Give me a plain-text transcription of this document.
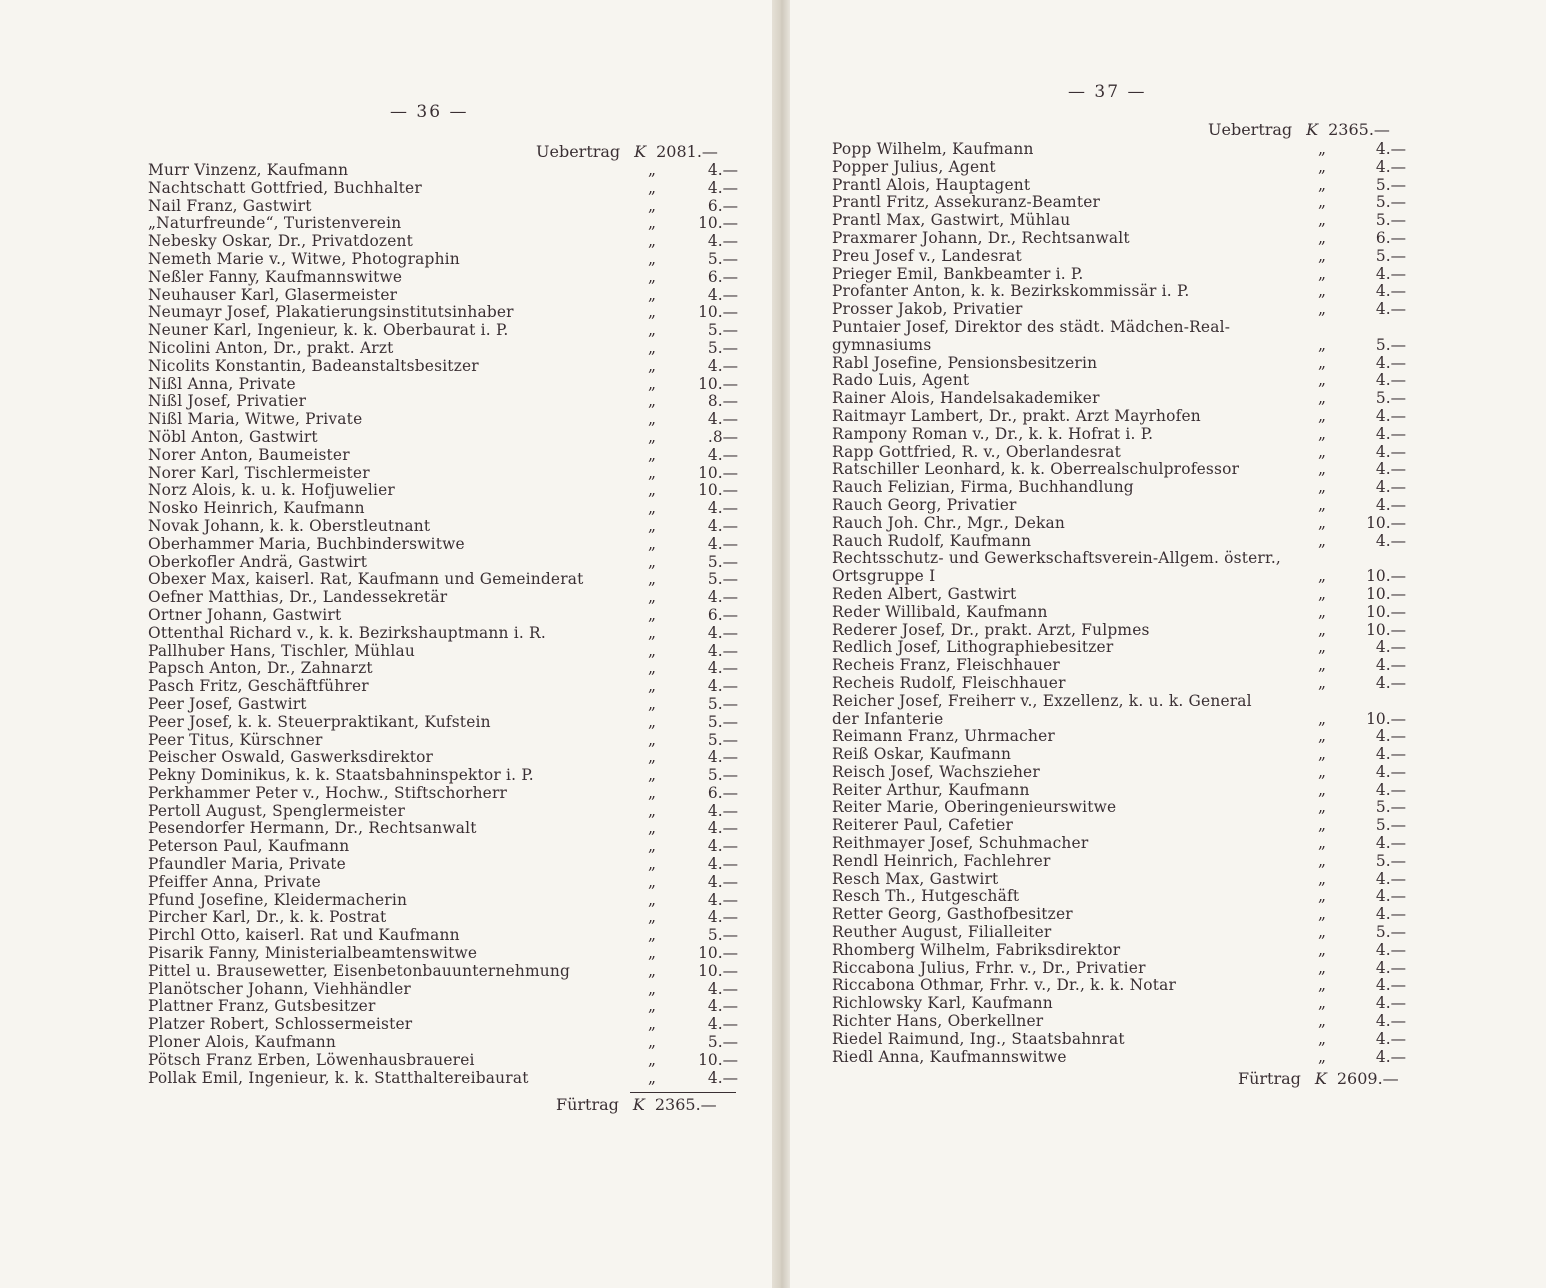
— 36 —
Uebertrag K 2081.—
Murr Vinzenz, Kaufmann	„	4.—
Nachtschatt Gottfried, Buchhalter	„	4.—
Nail Franz, Gastwirt	„	6.—
„Naturfreunde“, Turistenverein	„	10.—
Nebesky Oskar, Dr., Privatdozent	„	4.—
Nemeth Marie v., Witwe, Photographin	„	5.—
Neßler Fanny, Kaufmannswitwe	„	6.—
Neuhauser Karl, Glasermeister	„	4.—
Neumayr Josef, Plakatierungsinstitutsinhaber	„	10.—
Neuner Karl, Ingenieur, k. k. Oberbaurat i. P.	„	5.—
Nicolini Anton, Dr., prakt. Arzt	„	5.—
Nicolits Konstantin, Badeanstaltsbesitzer	„	4.—
Nißl Anna, Private	„	10.—
Nißl Josef, Privatier	„	8.—
Nißl Maria, Witwe, Private	„	4.—
Nöbl Anton, Gastwirt	„	.8—
Norer Anton, Baumeister	„	4.—
Norer Karl, Tischlermeister	„	10.—
Norz Alois, k. u. k. Hofjuwelier	„	10.—
Nosko Heinrich, Kaufmann	„	4.—
Novak Johann, k. k. Oberstleutnant	„	4.—
Oberhammer Maria, Buchbinderswitwe	„	4.—
Oberkofler Andrä, Gastwirt	„	5.—
Obexer Max, kaiserl. Rat, Kaufmann und Gemeinderat	„	5.—
Oefner Matthias, Dr., Landessekretär	„	4.—
Ortner Johann, Gastwirt	„	6.—
Ottenthal Richard v., k. k. Bezirkshauptmann i. R.	„	4.—
Pallhuber Hans, Tischler, Mühlau	„	4.—
Papsch Anton, Dr., Zahnarzt	„	4.—
Pasch Fritz, Geschäftführer	„	4.—
Peer Josef, Gastwirt	„	5.—
Peer Josef, k. k. Steuerpraktikant, Kufstein	„	5.—
Peer Titus, Kürschner	„	5.—
Peischer Oswald, Gaswerksdirektor	„	4.—
Pekny Dominikus, k. k. Staatsbahninspektor i. P.	„	5.—
Perkhammer Peter v., Hochw., Stiftschorherr	„	6.—
Pertoll August, Spenglermeister	„	4.—
Pesendorfer Hermann, Dr., Rechtsanwalt	„	4.—
Peterson Paul, Kaufmann	„	4.—
Pfaundler Maria, Private	„	4.—
Pfeiffer Anna, Private	„	4.—
Pfund Josefine, Kleidermacherin	„	4.—
Pircher Karl, Dr., k. k. Postrat	„	4.—
Pirchl Otto, kaiserl. Rat und Kaufmann	„	5.—
Pisarik Fanny, Ministerialbeamtenswitwe	„	10.—
Pittel u. Brausewetter, Eisenbetonbauunternehmung	„	10.—
Planötscher Johann, Viehhändler	„	4.—
Plattner Franz, Gutsbesitzer	„	4.—
Platzer Robert, Schlossermeister	„	4.—
Ploner Alois, Kaufmann	„	5.—
Pötsch Franz Erben, Löwenhausbrauerei	„	10.—
Pollak Emil, Ingenieur, k. k. Statthaltereibaurat	„	4.—
Fürtrag K 2365.—
— 37 —
Uebertrag K 2365.—
Popp Wilhelm, Kaufmann	„	4.—
Popper Julius, Agent	„	4.—
Prantl Alois, Hauptagent	„	5.—
Prantl Fritz, Assekuranz-Beamter	„	5.—
Prantl Max, Gastwirt, Mühlau	„	5.—
Praxmarer Johann, Dr., Rechtsanwalt	„	6.—
Preu Josef v., Landesrat	„	5.—
Prieger Emil, Bankbeamter i. P.	„	4.—
Profanter Anton, k. k. Bezirkskommissär i. P.	„	4.—
Prosser Jakob, Privatier	„	4.—
Puntaier Josef, Direktor des städt. Mädchen-Real-
gymnasiums	„	5.—
Rabl Josefine, Pensionsbesitzerin	„	4.—
Rado Luis, Agent	„	4.—
Rainer Alois, Handelsakademiker	„	5.—
Raitmayr Lambert, Dr., prakt. Arzt Mayrhofen	„	4.—
Rampony Roman v., Dr., k. k. Hofrat i. P.	„	4.—
Rapp Gottfried, R. v., Oberlandesrat	„	4.—
Ratschiller Leonhard, k. k. Oberrealschulprofessor	„	4.—
Rauch Felizian, Firma, Buchhandlung	„	4.—
Rauch Georg, Privatier	„	4.—
Rauch Joh. Chr., Mgr., Dekan	„	10.—
Rauch Rudolf, Kaufmann	„	4.—
Rechtsschutz- und Gewerkschaftsverein-Allgem. österr.,
Ortsgruppe I	„	10.—
Reden Albert, Gastwirt	„	10.—
Reder Willibald, Kaufmann	„	10.—
Rederer Josef, Dr., prakt. Arzt, Fulpmes	„	10.—
Redlich Josef, Lithographiebesitzer	„	4.—
Recheis Franz, Fleischhauer	„	4.—
Recheis Rudolf, Fleischhauer	„	4.—
Reicher Josef, Freiherr v., Exzellenz, k. u. k. General
der Infanterie	„	10.—
Reimann Franz, Uhrmacher	„	4.—
Reiß Oskar, Kaufmann	„	4.—
Reisch Josef, Wachszieher	„	4.—
Reiter Arthur, Kaufmann	„	4.—
Reiter Marie, Oberingenieurswitwe	„	5.—
Reiterer Paul, Cafetier	„	5.—
Reithmayer Josef, Schuhmacher	„	4.—
Rendl Heinrich, Fachlehrer	„	5.—
Resch Max, Gastwirt	„	4.—
Resch Th., Hutgeschäft	„	4.—
Retter Georg, Gasthofbesitzer	„	4.—
Reuther August, Filialleiter	„	5.—
Rhomberg Wilhelm, Fabriksdirektor	„	4.—
Riccabona Julius, Frhr. v., Dr., Privatier	„	4.—
Riccabona Othmar, Frhr. v., Dr., k. k. Notar	„	4.—
Richlowsky Karl, Kaufmann	„	4.—
Richter Hans, Oberkellner	„	4.—
Riedel Raimund, Ing., Staatsbahnrat	„	4.—
Riedl Anna, Kaufmannswitwe	„	4.—
Fürtrag K 2609.—
